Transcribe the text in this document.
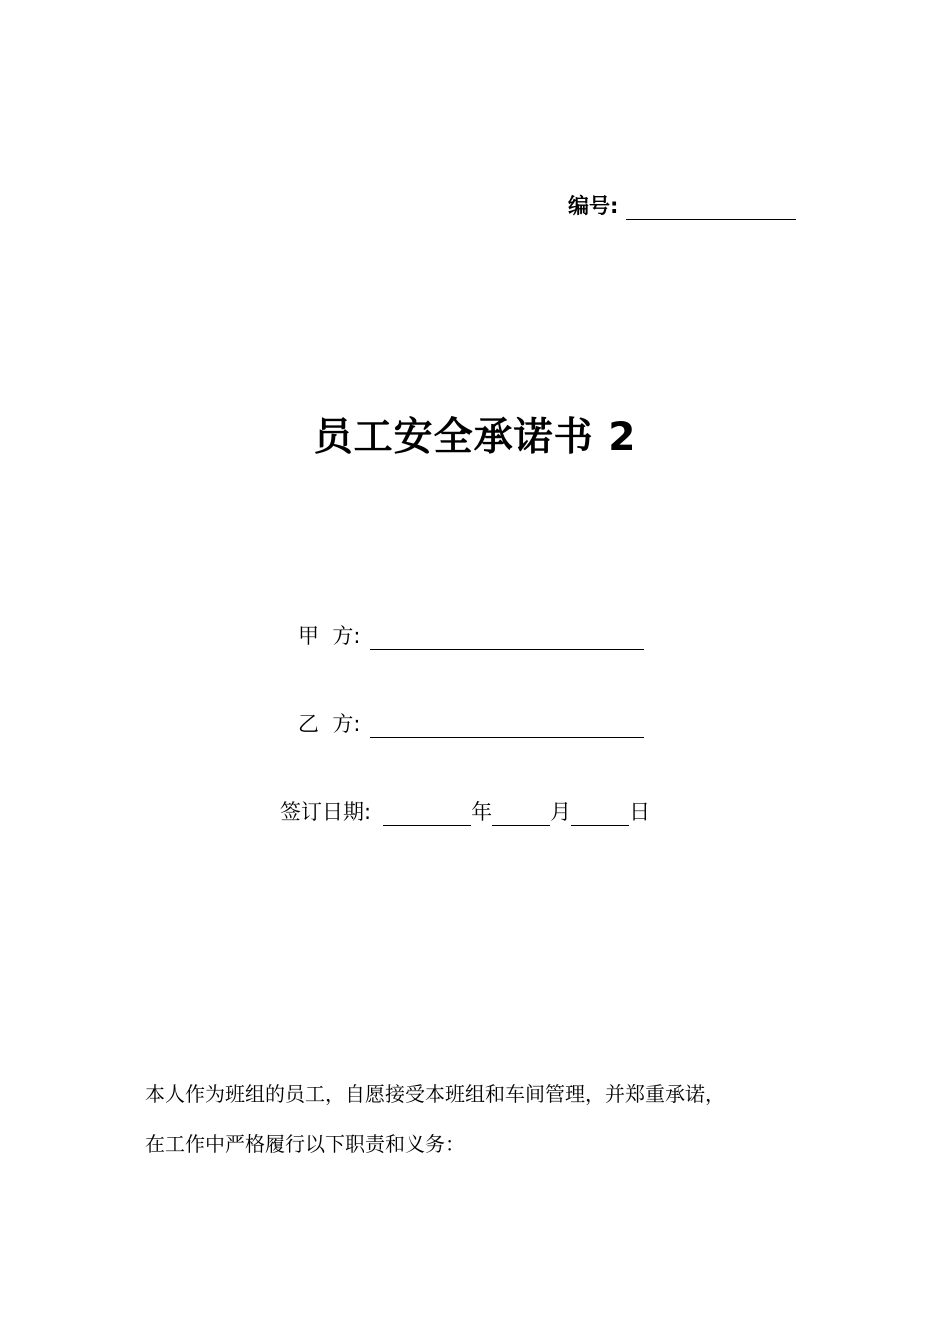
编号:
员工安全承诺书 2
甲  方:
乙  方:
签订日期:	年	月	日

本人作为班组的员工，自愿接受本班组和车间管理，并郑重承诺，

在工作中严格履行以下职责和义务：
